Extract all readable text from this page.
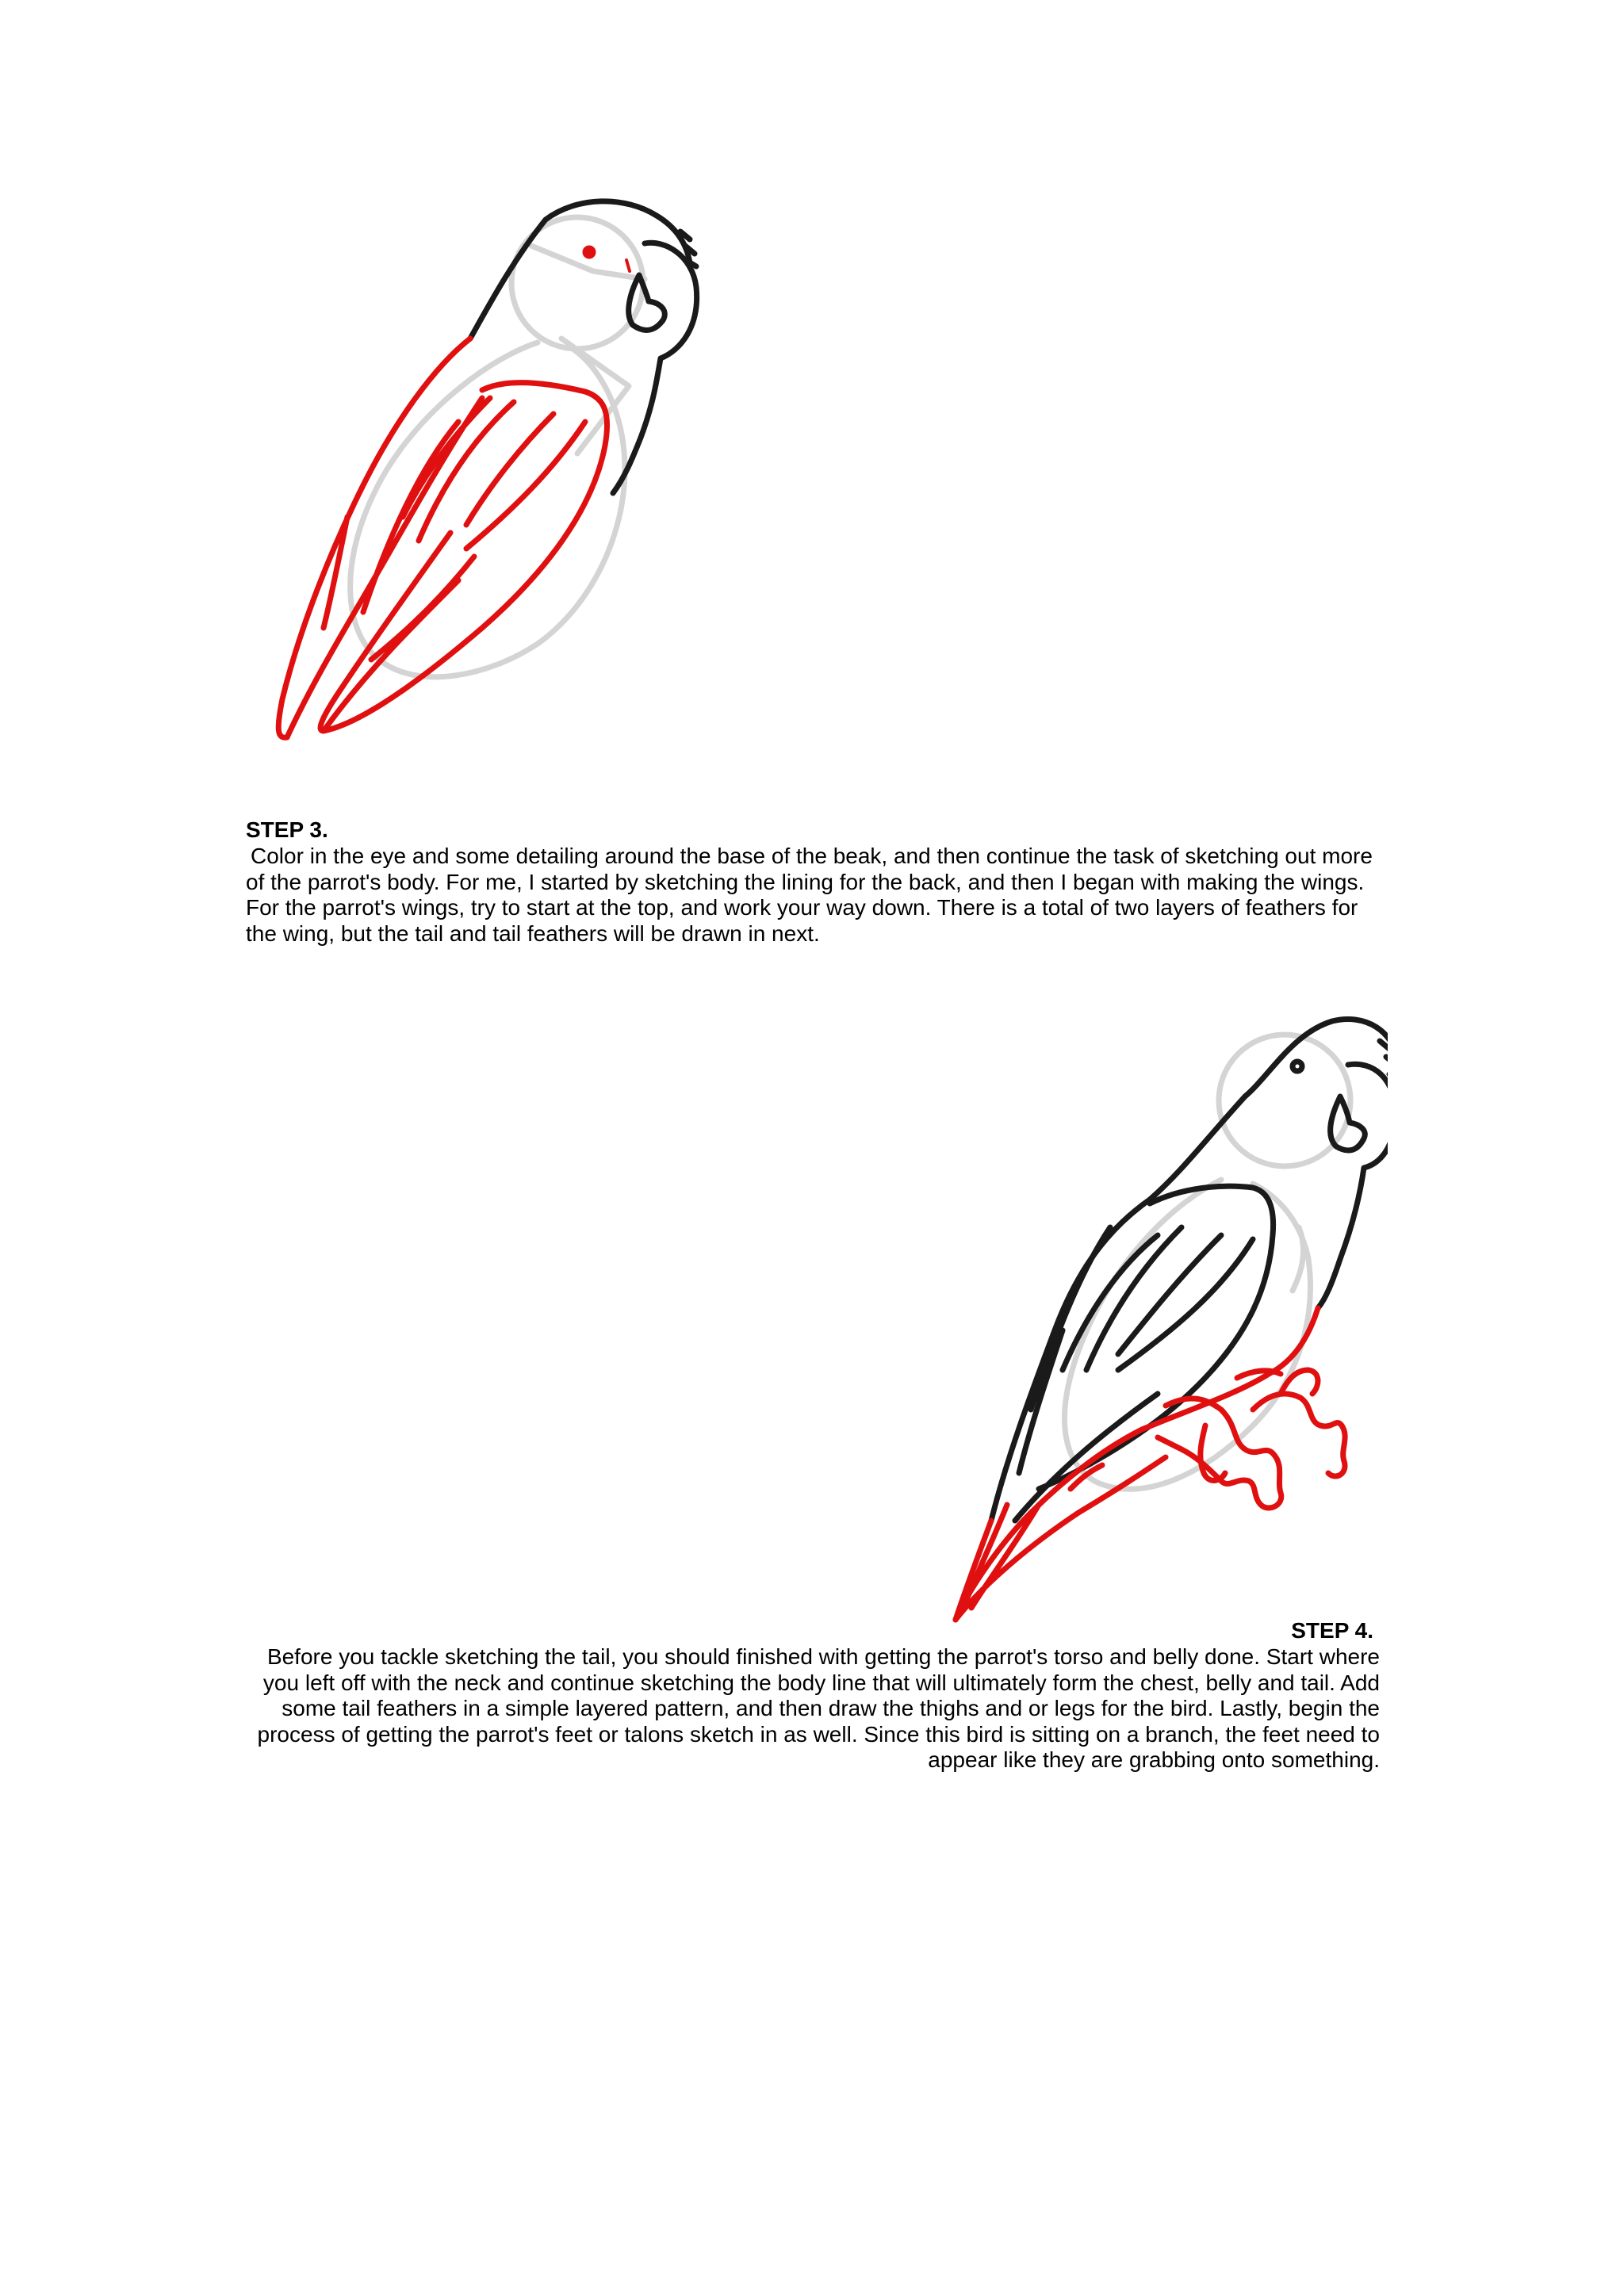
STEP 3.

Color in the eye and some detailing around the base of the beak, and then continue the task of sketching out more of the parrot's body. For me, I started by sketching the lining for the back, and then I began with making the wings. For the parrot's wings, try to start at the top, and work your way down. There is a total of two layers of feathers for the wing, but the tail and tail feathers will be drawn in next.

STEP 4.

Before you tackle sketching the tail, you should finished with getting the parrot's torso and belly done. Start where you left off with the neck and continue sketching the body line that will ultimately form the chest, belly and tail. Add some tail feathers in a simple layered pattern, and then draw the thighs and or legs for the bird. Lastly, begin the process of getting the parrot's feet or talons sketch in as well. Since this bird is sitting on a branch, the feet need to appear like they are grabbing onto something.
